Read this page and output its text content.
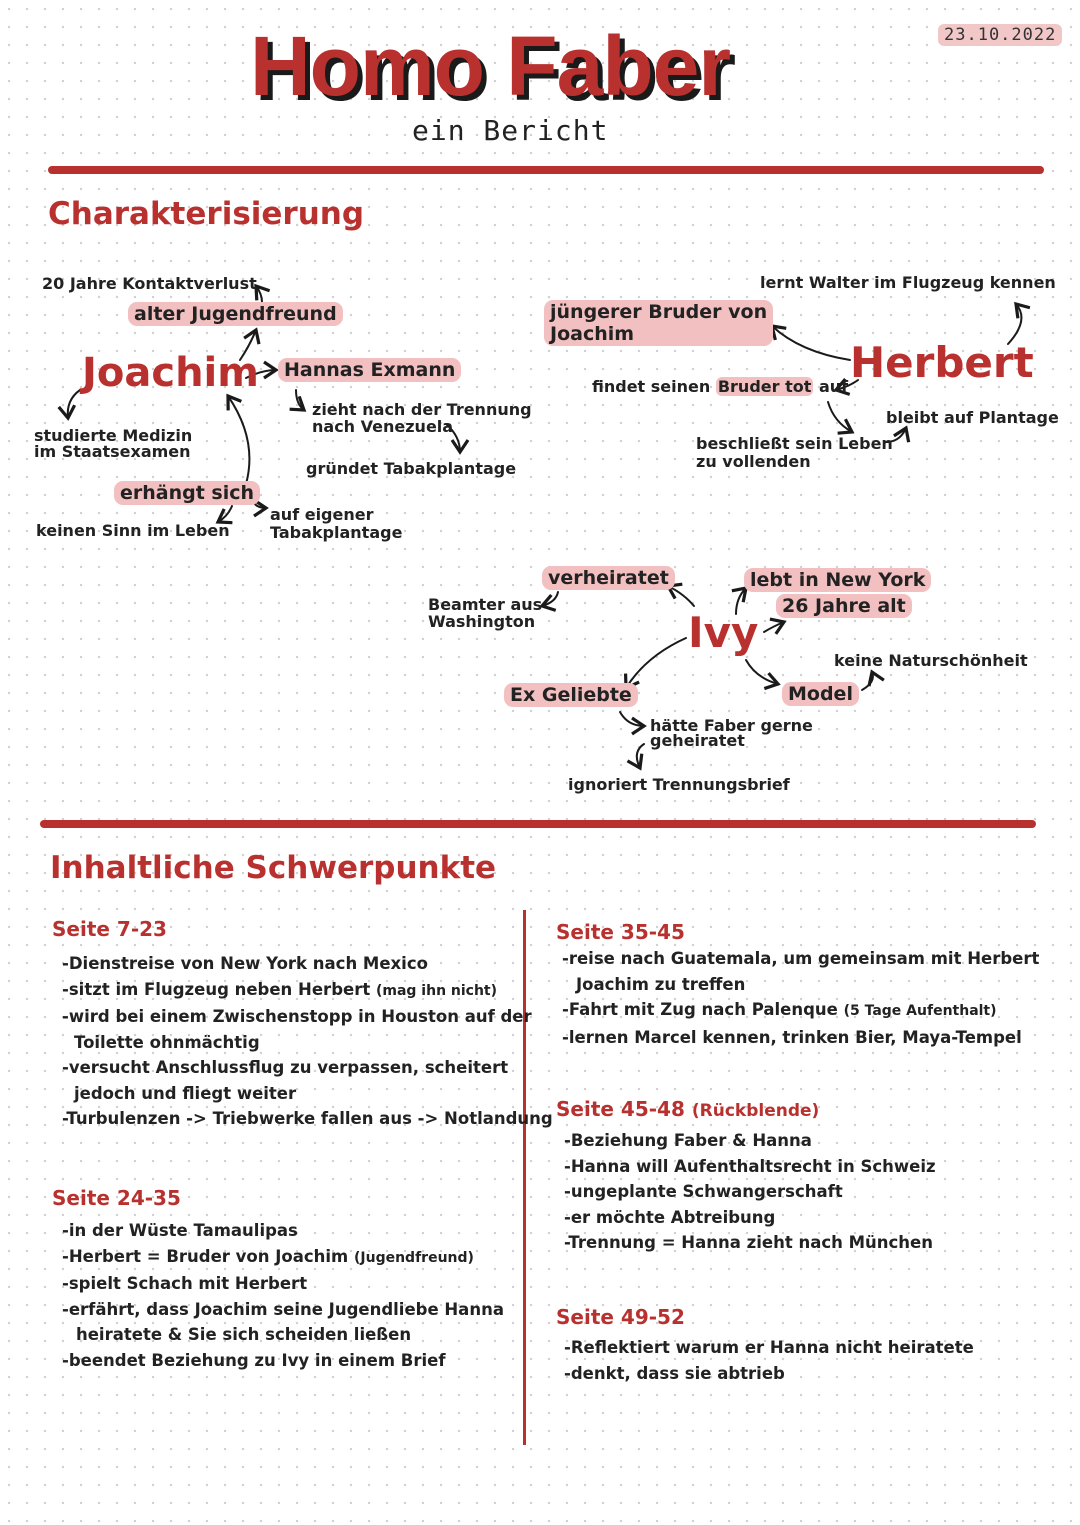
23.10.2022
Homo Faber
ein Bericht
Charakterisierung
20 Jahre Kontaktverlust
alter Jugendfreund
Joachim	Hannas Exmann
zieht nach der Trennung
nach Venezuela
gründet Tabakplantage
studierte Medizin
im Staatsexamen
erhängt sich
keinen Sinn im Leben
auf eigener
Tabakplantage
lernt Walter im Flugzeug kennen
jüngerer Bruder von
Joachim
Herbert
findet seinen Bruder tot auf
bleibt auf Plantage
beschließt sein Leben
zu vollenden
verheiratet
Beamter aus
Washington
lebt in New York
26 Jahre alt
Ivy
keine Naturschönheit
Model
Ex Geliebte
hätte Faber gerne
geheiratet
ignoriert Trennungsbrief
Inhaltliche Schwerpunkte
Seite 7-23
-Dienstreise von New York nach Mexico
-sitzt im Flugzeug neben Herbert (mag ihn nicht)
-wird bei einem Zwischenstopp in Houston auf der
Toilette ohnmächtig
-versucht Anschlussflug zu verpassen, scheitert
jedoch und fliegt weiter
-Turbulenzen -> Triebwerke fallen aus -> Notlandung
Seite 24-35
-in der Wüste Tamaulipas
-Herbert = Bruder von Joachim (Jugendfreund)
-spielt Schach mit Herbert
-erfährt, dass Joachim seine Jugendliebe Hanna
heiratete & Sie sich scheiden ließen
-beendet Beziehung zu Ivy in einem Brief
Seite 35-45
-reise nach Guatemala, um gemeinsam mit Herbert
Joachim zu treffen
-Fahrt mit Zug nach Palenque (5 Tage Aufenthalt)
-lernen Marcel kennen, trinken Bier, Maya-Tempel
Seite 45-48 (Rückblende)
-Beziehung Faber & Hanna
-Hanna will Aufenthaltsrecht in Schweiz
-ungeplante Schwangerschaft
-er möchte Abtreibung
-Trennung = Hanna zieht nach München
Seite 49-52
-Reflektiert warum er Hanna nicht heiratete
-denkt, dass sie abtrieb
